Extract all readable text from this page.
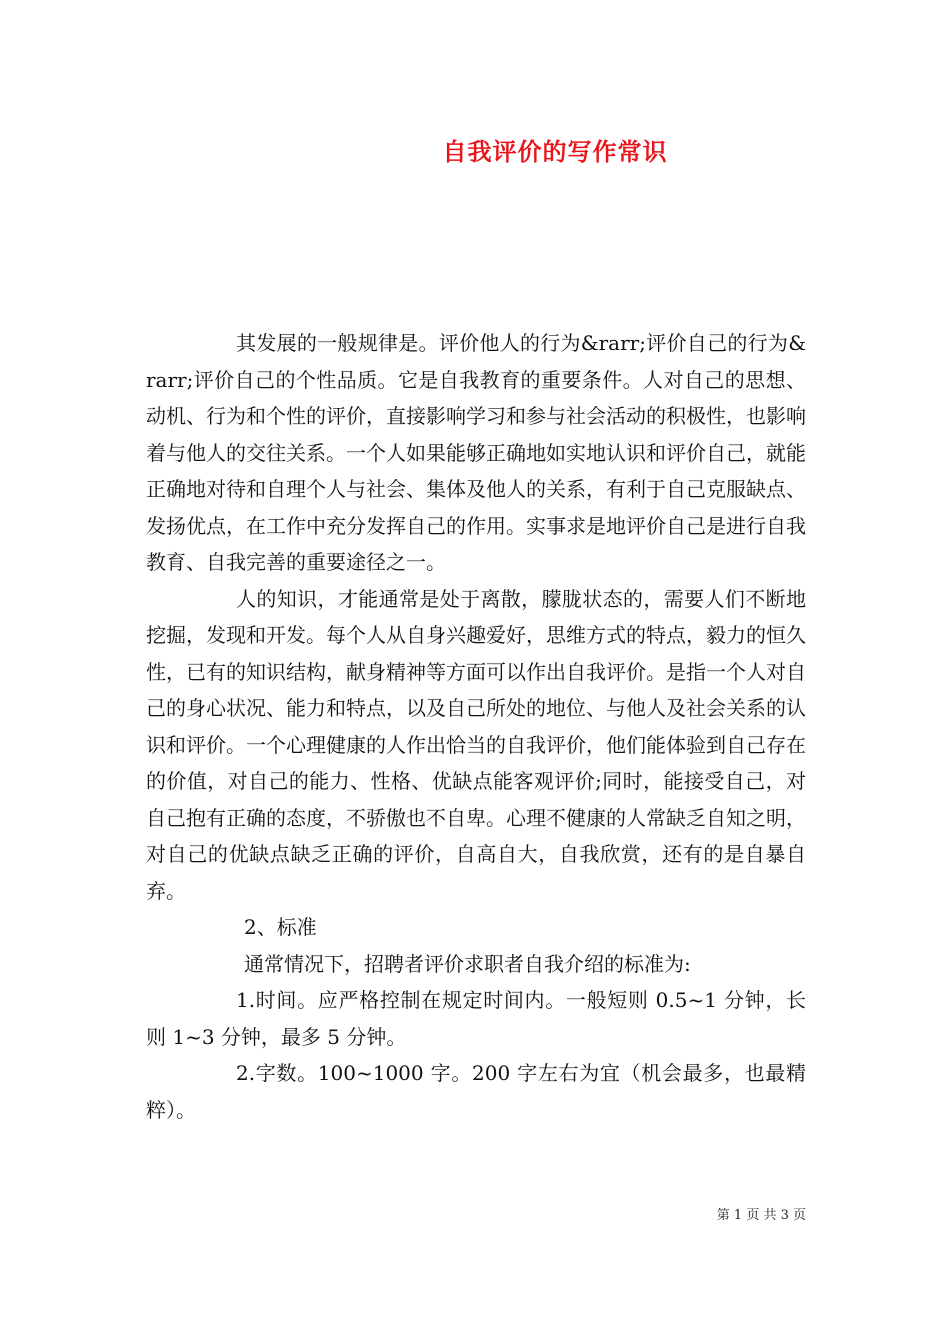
自我评价的写作常识

其发展的一般规律是。评价他人的行为&rarr;评价自己的行为&rarr;评价自己的个性品质。它是自我教育的重要条件。人对自己的思想、动机、行为和个性的评价，直接影响学习和参与社会活动的积极性，也影响着与他人的交往关系。一个人如果能够正确地如实地认识和评价自己，就能正确地对待和自理个人与社会、集体及他人的关系，有利于自己克服缺点、发扬优点，在工作中充分发挥自己的作用。实事求是地评价自己是进行自我教育、自我完善的重要途径之一。

人的知识，才能通常是处于离散，朦胧状态的，需要人们不断地挖掘，发现和开发。每个人从自身兴趣爱好，思维方式的特点，毅力的恒久性，已有的知识结构，献身精神等方面可以作出自我评价。是指一个人对自己的身心状况、能力和特点，以及自己所处的地位、与他人及社会关系的认识和评价。一个心理健康的人作出恰当的自我评价，他们能体验到自己存在的价值，对自己的能力、性格、优缺点能客观评价;同时，能接受自己，对自己抱有正确的态度，不骄傲也不自卑。心理不健康的人常缺乏自知之明，对自己的优缺点缺乏正确的评价，自高自大，自我欣赏，还有的是自暴自弃。

2、标准

通常情况下，招聘者评价求职者自我介绍的标准为:

1.时间。应严格控制在规定时间内。一般短则 0.5~1 分钟，长则 1~3 分钟，最多 5 分钟。

2.字数。100~1000 字。200 字左右为宜（机会最多，也最精粹）。

第 1 页 共 3 页
